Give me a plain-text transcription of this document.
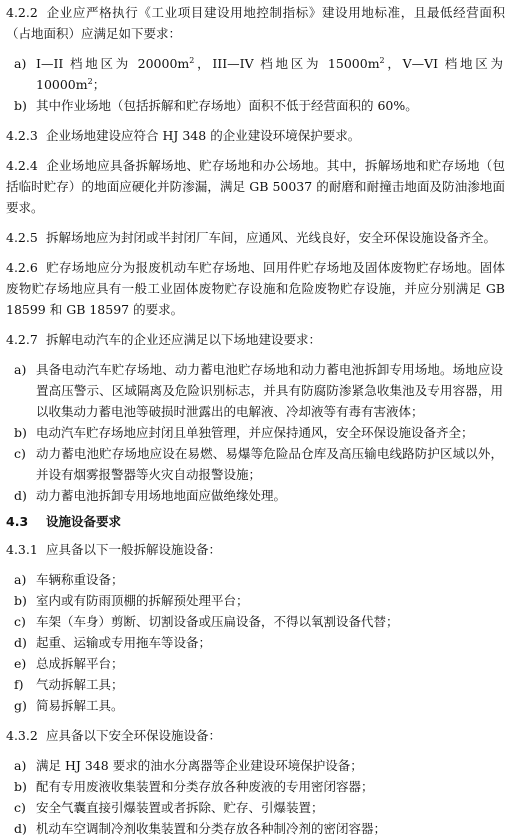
4.2.2 企业应严格执行《工业项目建设用地控制指标》建设用地标准，且最低经营面积（占地面积）应满足如下要求：

a) I—II 档地区为 $20000m^2$，III—IV 档地区为 $15000m^2$，V—VI 档地区为 $10000m^2$；
b) 其中作业场地（包括拆解和贮存场地）面积不低于经营面积的 60%。

4.2.3 企业场地建设应符合 HJ 348 的企业建设环境保护要求。

4.2.4 企业场地应具备拆解场地、贮存场地和办公场地。其中，拆解场地和贮存场地（包括临时贮存）的地面应硬化并防渗漏，满足 GB 50037 的耐磨和耐撞击地面及防油渗地面要求。

4.2.5 拆解场地应为封闭或半封闭厂车间，应通风、光线良好，安全环保设施设备齐全。

4.2.6 贮存场地应分为报废机动车贮存场地、回用件贮存场地及固体废物贮存场地。固体废物贮存场地应具有一般工业固体废物贮存设施和危险废物贮存设施，并应分别满足 GB 18599 和 GB 18597 的要求。

4.2.7 拆解电动汽车的企业还应满足以下场地建设要求：

a) 具备电动汽车贮存场地、动力蓄电池贮存场地和动力蓄电池拆卸专用场地。场地应设置高压警示、区域隔离及危险识别标志，并具有防腐防渗紧急收集池及专用容器，用以收集动力蓄电池等破损时泄露出的电解液、冷却液等有毒有害液体；
b) 电动汽车贮存场地应封闭且单独管理，并应保持通风，安全环保设施设备齐全；
c) 动力蓄电池贮存场地应设在易燃、易爆等危险品仓库及高压输电线路防护区域以外，并设有烟雾报警器等火灾自动报警设施；
d) 动力蓄电池拆卸专用场地地面应做绝缘处理。

4.3 设施设备要求

4.3.1 应具备以下一般拆解设施设备：

a) 车辆称重设备；
b) 室内或有防雨顶棚的拆解预处理平台；
c) 车架（车身）剪断、切割设备或压扁设备，不得以氧割设备代替；
d) 起重、运输或专用拖车等设备；
e) 总成拆解平台；
f) 气动拆解工具；
g) 简易拆解工具。

4.3.2 应具备以下安全环保设施设备：

a) 满足 HJ 348 要求的油水分离器等企业建设环境保护设备；
b) 配有专用废液收集装置和分类存放各种废液的专用密闭容器；
c) 安全气囊直接引爆装置或者拆除、贮存、引爆装置；
d) 机动车空调制冷剂收集装置和分类存放各种制冷剂的密闭容器；
